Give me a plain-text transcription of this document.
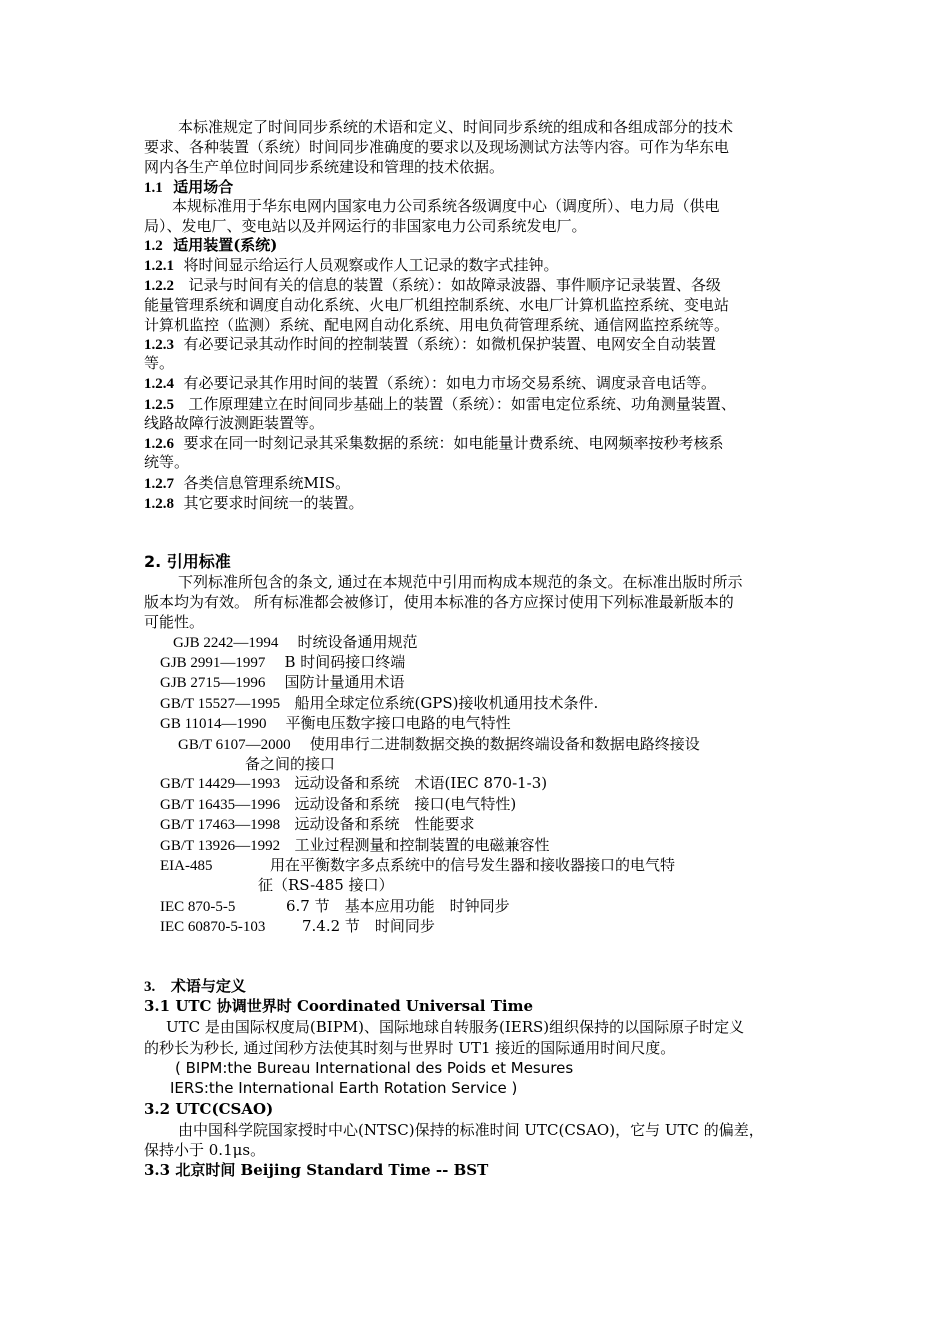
本标准规定了时间同步系统的术语和定义、时间同步系统的组成和各组成部分的技术
要求、各种装置（系统）时间同步准确度的要求以及现场测试方法等内容。可作为华东电
网内各生产单位时间同步系统建设和管理的技术依据。
1.1 适用场合
本规标准用于华东电网内国家电力公司系统各级调度中心（调度所）、电力局（供电
局）、发电厂、变电站以及并网运行的非国家电力公司系统发电厂。
1.2 适用装置(系统)
1.2.1 将时间显示给运行人员观察或作人工记录的数字式挂钟。
1.2.2 记录与时间有关的信息的装置（系统）：如故障录波器、事件顺序记录装置、各级
能量管理系统和调度自动化系统、火电厂机组控制系统、水电厂计算机监控系统、变电站
计算机监控（监测）系统、配电网自动化系统、用电负荷管理系统、通信网监控系统等。
1.2.3 有必要记录其动作时间的控制装置（系统）：如微机保护装置、电网安全自动装置
等。
1.2.4 有必要记录其作用时间的装置（系统）：如电力市场交易系统、调度录音电话等。
1.2.5 工作原理建立在时间同步基础上的装置（系统）：如雷电定位系统、功角测量装置、
线路故障行波测距装置等。
1.2.6 要求在同一时刻记录其采集数据的系统：如电能量计费系统、电网频率按秒考核系
统等。
1.2.7 各类信息管理系统MIS。
1.2.8 其它要求时间统一的装置。
2. 引用标准
下列标准所包含的条文, 通过在本规范中引用而构成本规范的条文。在标准出版时所示
版本均为有效。 所有标准都会被修订，使用本标准的各方应探讨使用下列标准最新版本的
可能性。
GJB 2242—1994 时统设备通用规范
GJB 2991—1997 B 时间码接口终端
GJB 2715—1996 国防计量通用术语
GB/T 15527—1995 船用全球定位系统(GPS)接收机通用技术条件.
GB 11014—1990 平衡电压数字接口电路的电气特性
GB/T 6107—2000 使用串行二进制数据交换的数据终端设备和数据电路终接设
备之间的接口
GB/T 14429—1993 远动设备和系统　术语(IEC 870-1-3)
GB/T 16435—1996 远动设备和系统　接口(电气特性)
GB/T 17463—1998 远动设备和系统　性能要求
GB/T 13926—1992 工业过程测量和控制装置的电磁兼容性
EIA-485	用在平衡数字多点系统中的信号发生器和接收器接口的电气特
征（RS-485 接口）
IEC 870-5-5	6.7 节　基本应用功能　时钟同步
IEC 60870-5-103 7.4.2 节　时间同步
3. 术语与定义
3.1 UTC 协调世界时 Coordinated Universal Time
UTC 是由国际权度局(BIPM)、国际地球自转服务(IERS)组织保持的以国际原子时定义
的秒长为秒长, 通过闰秒方法使其时刻与世界时 UT1 接近的国际通用时间尺度。
( BIPM:the Bureau International des Poids et Mesures
IERS:the International Earth Rotation Service )
3.2 UTC(CSAO)
由中国科学院国家授时中心(NTSC)保持的标准时间 UTC(CSAO)，它与 UTC 的偏差，
保持小于 0.1μs。
3.3 北京时间 Beijing Standard Time -- BST
